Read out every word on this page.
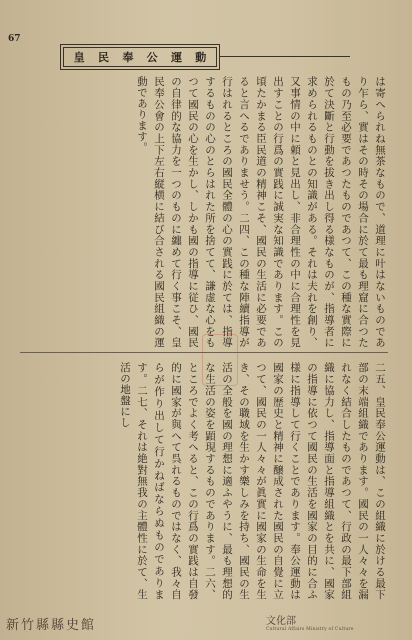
67
皇 民 奉 公 運 動
は寄へられね無茶なもので、道理に叶はないものであり乍ら、實はその時その場合に於て最も理窟に合つたもの乃至必要であつたものであつて、この種な實際に於て決斷と行動を拔き出し得る様なものが、指導者に求められるものとの知識がある。それは夫れを創り、又事情の中に頼と見出し、非合理性の中に合理性を見出すことの行爲の實践に誠実な知識であります。この頃たかまる臣民道の精神こそ、國民の生活に必要であると言へるでありませう。二四、この種な陣續指導が行はれるところの國民全體の心の實践に於ては、指導するものの心のとらはれた所を捨てて、謙虚な心をもつて國民の心を生かし、しかも國の指導に従ひ、國民の自律的な協力を一つのものに纏めて行く事こそ、皇民奉公會の上下左右縦横に結び合される國民組織の運動であります。
二五、皇民奉公運動は、この組織に於ける最下部の末端組織であります。國民の一人々々を漏れなく結合したものであつて、行政の最下部組織に協力し、指導面と指導組織とを共に、國家の指導に依つて國民の生活を國家の目的に合ふ様に指導して行くことであります。奉公運動は國家の歴史と精神に醸成された國民の自覺に立つて、國民の一人々々が眞實に國家の生命を生き、その職域を生かす樂しみを持ち、國民の生活の全般を國の理想に適ふやうに、最も理想的な生活の姿を顕現するものであります。二六、ところでよく考へると、この行爲の實践は自發的に國家が與へて呉れるものではなく、我々自らが作り出して行かねばならぬものであります。二七、それは絶對無我の主體性に於て、生活の地盤にし
新竹縣縣史館	文化部
Cultural Affairs Ministry of Culture
